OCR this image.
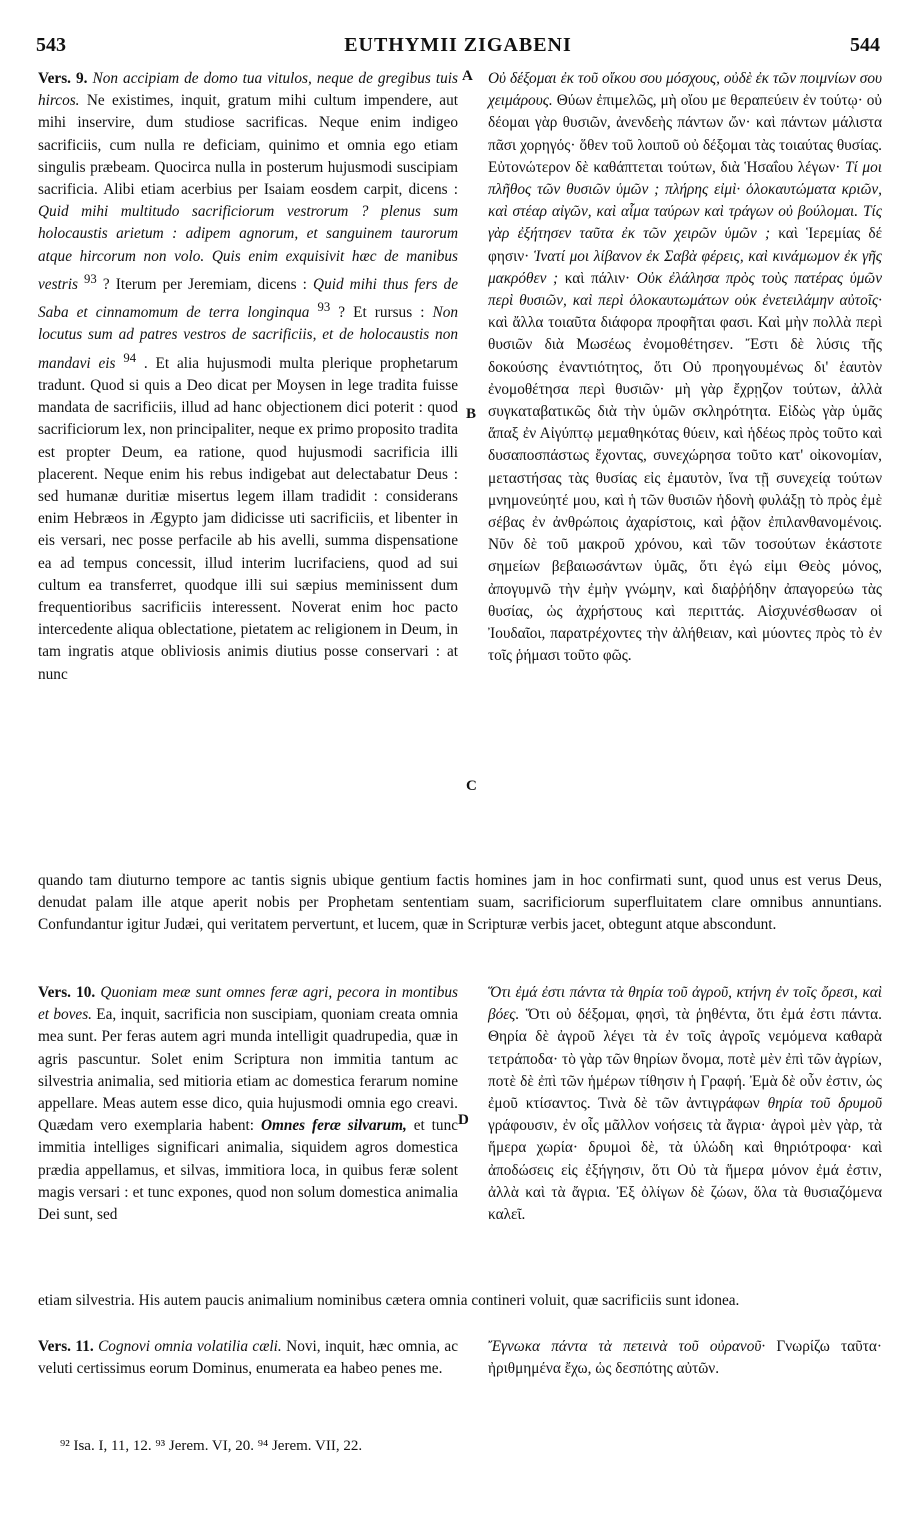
543	EUTHYMII ZIGABENI	544
A
B
C
D

Vers. 9. Non accipiam de domo tua vitulos, neque de gregibus tuis hircos. Ne existimes, inquit, gratum mihi cultum impendere, aut mihi inservire, dum studiose sacrificas. Neque enim indigeo sacrificiis, cum nulla re deficiam, quinimo et omnia ego etiam singulis præbeam. Quocirca nulla in posterum hujusmodi suscipiam sacrificia. Alibi etiam acerbius per Isaiam eosdem carpit, dicens : Quid mihi multitudo sacrificiorum vestrorum ? plenus sum holocaustis arietum : adipem agnorum, et sanguinem taurorum atque hircorum non volo. Quis enim exquisivit hæc de manibus vestris $^{93}$ ? Iterum per Jeremiam, dicens : Quid mihi thus fers de Saba et cinnamomum de terra longinqua $^{93}$ ? Et rursus : Non locutus sum ad patres vestros de sacrificiis, et de holocaustis non mandavi eis $^{94}$ . Et alia hujusmodi multa plerique prophetarum tradunt. Quod si quis a Deo dicat per Moysen in lege tradita fuisse mandata de sacrificiis, illud ad hanc objectionem dici poterit : quod sacrificiorum lex, non principaliter, neque ex primo proposito tradita est propter Deum, ea ratione, quod hujusmodi sacrificia illi placerent. Neque enim his rebus indigebat aut delectabatur Deus : sed humanæ duritiæ misertus legem illam tradidit : considerans enim Hebræos in Ægypto jam didicisse uti sacrificiis, et libenter in eis versari, nec posse perfacile ab his avelli, summa dispensatione ea ad tempus concessit, illud interim lucrifaciens, quod ad sui cultum ea transferret, quodque illi sui sæpius meminissent dum frequentioribus sacrificiis interessent. Noverat enim hoc pacto intercedente aliqua oblectatione, pietatem ac religionem in Deum, in tam ingratis atque obliviosis animis diutius posse conservari : at nunc

Οὐ δέξομαι ἐκ τοῦ οἴκου σου μόσχους, οὐδὲ ἐκ τῶν ποιμνίων σου χειμάρους. Θύων ἐπιμελῶς, μὴ οἴου με θεραπεύειν ἐν τούτῳ· οὐ δέομαι γὰρ θυσιῶν, ἀνενδεὴς πάντων ὤν· καὶ πάντων μάλιστα πᾶσι χορηγός· ὅθεν τοῦ λοιποῦ οὐ δέξομαι τὰς τοιαύτας θυσίας. Εὐτονώτερον δὲ καθάπτεται τούτων, διὰ Ἡσαΐου λέγων· Τί μοι πλῆθος τῶν θυσιῶν ὑμῶν ; πλήρης εἰμὶ· ὁλοκαυτώματα κριῶν, καὶ στέαρ αἰγῶν, καὶ αἷμα ταύρων καὶ τράγων οὐ βούλομαι. Τίς γὰρ ἐξήτησεν ταῦτα ἐκ τῶν χειρῶν ὑμῶν ; καὶ Ἱερεμίας δέ φησιν· Ἱνατί μοι λίβανον ἐκ Σαβὰ φέρεις, καὶ κινάμωμον ἐκ γῆς μακρόθεν ; καὶ πάλιν· Οὐκ ἐλάλησα πρὸς τοὺς πατέρας ὑμῶν περὶ θυσιῶν, καὶ περὶ ὁλοκαυτωμάτων οὐκ ἐνετειλάμην αὐτοῖς· καὶ ἄλλα τοιαῦτα διάφορα προφῆται φασι. Καὶ μὴν πολλὰ περὶ θυσιῶν διὰ Μωσέως ἐνομοθέτησεν. Ἔστι δὲ λύσις τῆς δοκούσης ἐναντιότητος, ὅτι Οὐ προηγουμένως δι' ἑαυτὸν ἐνομοθέτησα περὶ θυσιῶν· μὴ γὰρ ἔχρῃζον τούτων, ἀλλὰ συγκαταβατικῶς διὰ τὴν ὑμῶν σκληρότητα. Εἰδὼς γὰρ ὑμᾶς ἅπαξ ἐν Αἰγύπτῳ μεμαθηκότας θύειν, καὶ ἡδέως πρὸς τοῦτο καὶ δυσαποσπάστως ἔχοντας, συνεχώρησα τοῦτο κατ' οἰκονομίαν, μεταστήσας τὰς θυσίας εἰς ἐμαυτὸν, ἵνα τῇ συνεχείᾳ τούτων μνημονεύητέ μου, καὶ ἡ τῶν θυσιῶν ἡδονὴ φυλάξῃ τὸ πρὸς ἐμὲ σέβας ἐν ἀνθρώποις ἀχαρίστοις, καὶ ῥᾷον ἐπιλανθανομένοις. Νῦν δὲ τοῦ μακροῦ χρόνου, καὶ τῶν τοσούτων ἑκάστοτε σημείων βεβαιωσάντων ὑμᾶς, ὅτι ἐγώ εἰμι Θεὸς μόνος, ἀπογυμνῶ τὴν ἐμὴν γνώμην, καὶ διαῤῥήδην ἀπαγορεύω τὰς θυσίας, ὡς ἀχρήστους καὶ περιττάς. Αἰσχυνέσθωσαν οἱ Ἰουδαῖοι, παρατρέχοντες τὴν ἀλήθειαν, καὶ μύοντες πρὸς τὸ ἐν τοῖς ῥήμασι τοῦτο φῶς.

quando tam diuturno tempore ac tantis signis ubique gentium factis homines jam in hoc confirmati sunt, quod unus est verus Deus, denudat palam ille atque aperit nobis per Prophetam sententiam suam, sacrificiorum superfluitatem clare omnibus annuntians. Confundantur igitur Judæi, qui veritatem pervertunt, et lucem, quæ in Scripturæ verbis jacet, obtegunt atque abscondunt.

Vers. 10. Quoniam meæ sunt omnes feræ agri, pecora in montibus et boves. Ea, inquit, sacrificia non suscipiam, quoniam creata omnia mea sunt. Per feras autem agri munda intelligit quadrupedia, quæ in agris pascuntur. Solet enim Scriptura non immitia tantum ac silvestria animalia, sed mitioria etiam ac domestica ferarum nomine appellare. Meas autem esse dico, quia hujusmodi omnia ego creavi. Quædam vero exemplaria habent: Omnes feræ silvarum, et tunc immitia intelliges significari animalia, siquidem agros domestica prædia appellamus, et silvas, immitiora loca, in quibus feræ solent magis versari : et tunc expones, quod non solum domestica animalia Dei sunt, sed

Ὅτι ἐμά ἐστι πάντα τὰ θηρία τοῦ ἀγροῦ, κτήνη ἐν τοῖς ὄρεσι, καὶ βόες. Ὅτι οὐ δέξομαι, φησὶ, τὰ ῥηθέντα, ὅτι ἐμά ἐστι πάντα. Θηρία δὲ ἀγροῦ λέγει τὰ ἐν τοῖς ἀγροῖς νεμόμενα καθαρὰ τετράποδα· τὸ γὰρ τῶν θηρίων ὄνομα, ποτὲ μὲν ἐπὶ τῶν ἀγρίων, ποτὲ δὲ ἐπὶ τῶν ἡμέρων τίθησιν ἡ Γραφή. Ἐμὰ δὲ οὖν ἐστιν, ὡς ἐμοῦ κτίσαντος. Τινὰ δὲ τῶν ἀντιγράφων θηρία τοῦ δρυμοῦ γράφουσιν, ἐν οἷς μᾶλλον νοήσεις τὰ ἄγρια· ἀγροὶ μὲν γὰρ, τὰ ἥμερα χωρία· δρυμοὶ δὲ, τὰ ὑλώδη καὶ θηριότροφα· καὶ ἀποδώσεις εἰς ἐξήγησιν, ὅτι Οὐ τὰ ἥμερα μόνον ἐμά ἐστιν, ἀλλὰ καὶ τὰ ἄγρια. Ἐξ ὀλίγων δὲ ζώων, ὅλα τὰ θυσιαζόμενα καλεῖ.

etiam silvestria. His autem paucis animalium nominibus cætera omnia contineri voluit, quæ sacrificiis sunt idonea.

Vers. 11. Cognovi omnia volatilia cæli. Novi, inquit, hæc omnia, ac veluti certissimus eorum Dominus, enumerata ea habeo penes me.

Ἔγνωκα πάντα τὰ πετεινὰ τοῦ οὐρανοῦ· Γνωρίζω ταῦτα· ἠριθμημένα ἔχω, ὡς δεσπότης αὐτῶν.

⁹² Isa. I, 11, 12. ⁹³ Jerem. VI, 20. ⁹⁴ Jerem. VII, 22.
